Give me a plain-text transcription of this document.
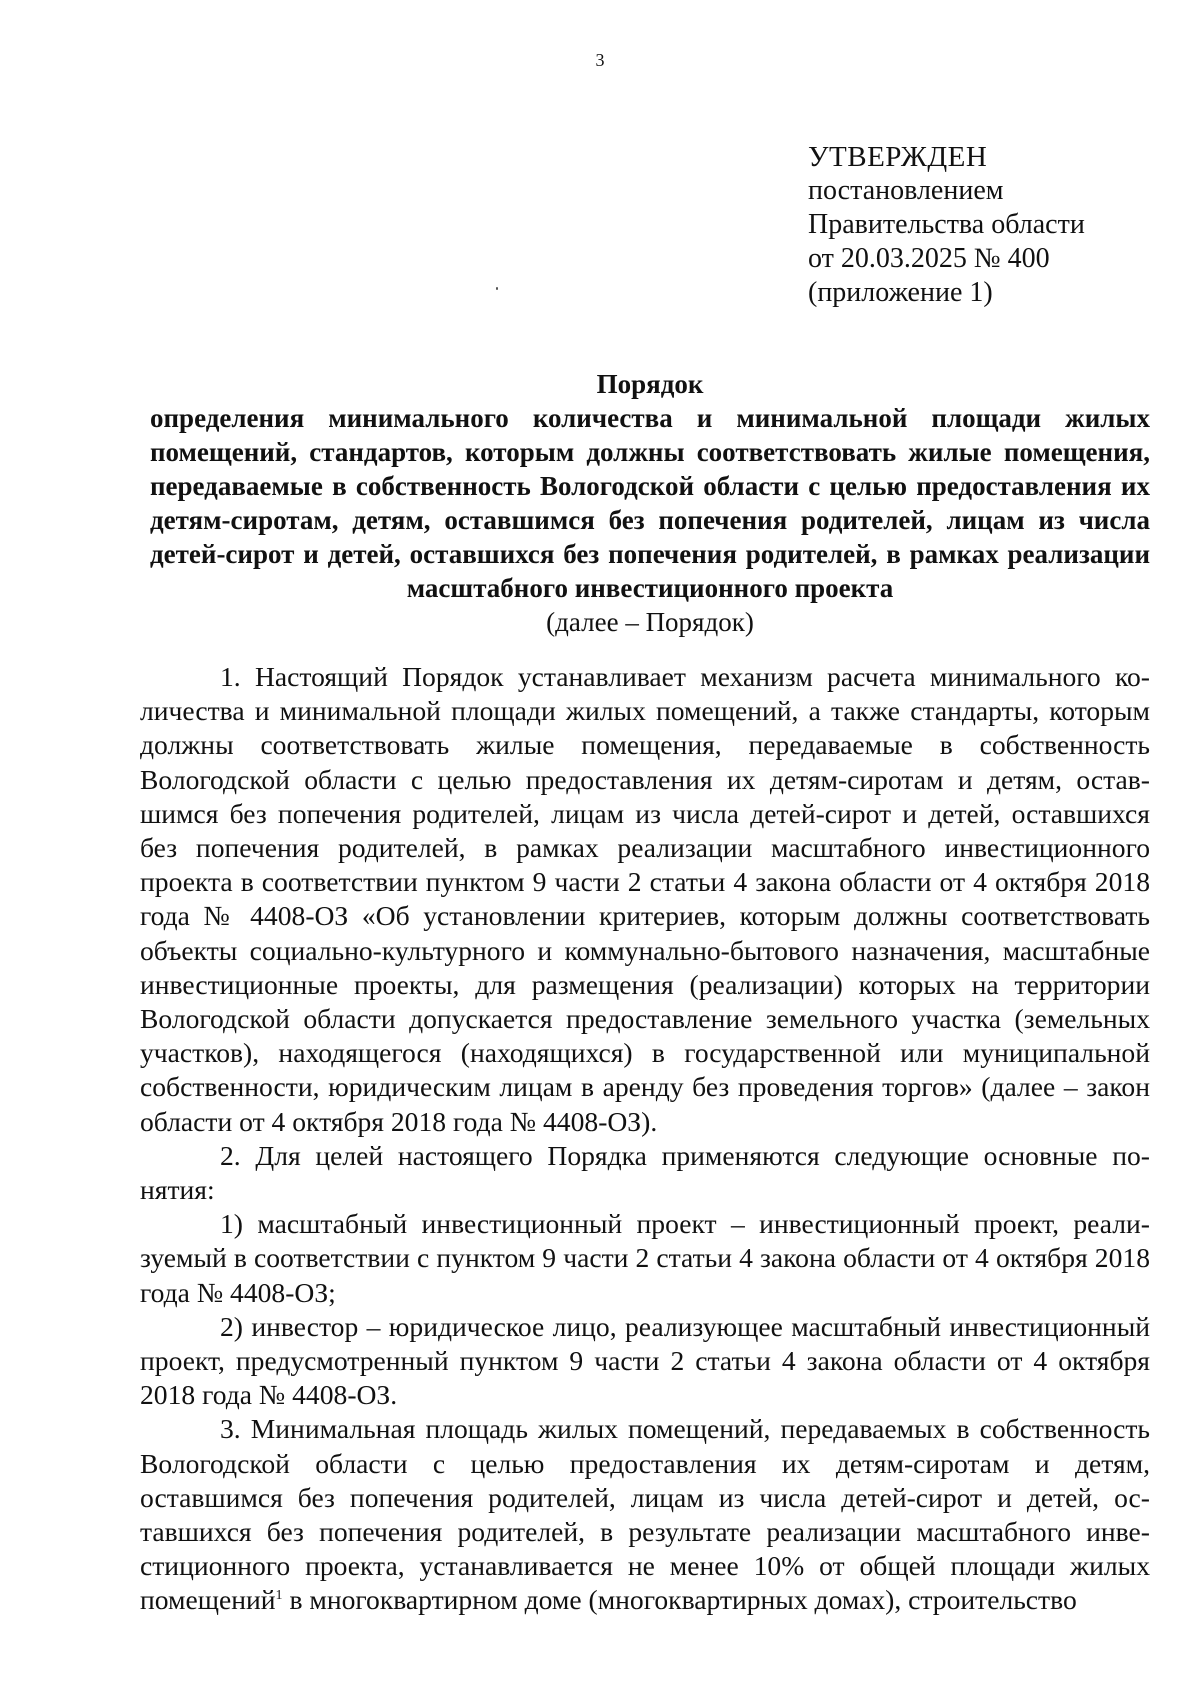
3
УТВЕРЖДЕН
постановлением
Правительства области
от 20.03.2025 № 400
(приложение 1)
Порядок
определения минимального количества и минимальной площади жилых помещений, стандартов, которым должны соответствовать жилые помещения, передаваемые в собственность Вологодской области с целью предоставления их детям-сиротам, детям, оставшимся без попечения родителей, лицам из числа детей-сирот и детей, оставшихся без попечения родителей, в рамках реализации масштабного инвестиционного проекта
(далее – Порядок)

1. Настоящий Порядок устанавливает механизм расчета минимального количества и минимальной площади жилых помещений, а также стандарты, которым должны соответствовать жилые помещения, передаваемые в собственность Вологодской области с целью предоставления их детям-сиротам и детям, оставшимся без попечения родителей, лицам из числа детей-сирот и детей, оставшихся без попечения родителей, в рамках реализации масштабного инвестиционного проекта в соответствии пунктом 9 части 2 статьи 4 закона области от 4 октября 2018 года № 4408-ОЗ «Об установлении критериев, которым должны соответствовать объекты социально-культурного и коммунально-бытового назначения, масштабные инвестиционные проекты, для размещения (реализации) которых на территории Вологодской области допускается предоставление земельного участка (земельных участков), находящегося (находящихся) в государственной или муниципальной собственности, юридическим лицам в аренду без проведения торгов» (далее – закон области от 4 октября 2018 года № 4408-ОЗ).

2. Для целей настоящего Порядка применяются следующие основные понятия:

1) масштабный инвестиционный проект – инвестиционный проект, реализуемый в соответствии с пунктом 9 части 2 статьи 4 закона области от 4 октября 2018 года № 4408-ОЗ;

2) инвестор – юридическое лицо, реализующее масштабный инвестиционный проект, предусмотренный пунктом 9 части 2 статьи 4 закона области от 4 октября 2018 года № 4408-ОЗ.

3. Минимальная площадь жилых помещений, передаваемых в собственность Вологодской области с целью предоставления их детям-сиротам и детям, оставшимся без попечения родителей, лицам из числа детей-сирот и детей, оставшихся без попечения родителей, в результате реализации масштабного инвестиционного проекта, устанавливается не менее 10% от общей площади жилых помещений$^1$ в многоквартирном доме (многоквартирных домах), строительство
